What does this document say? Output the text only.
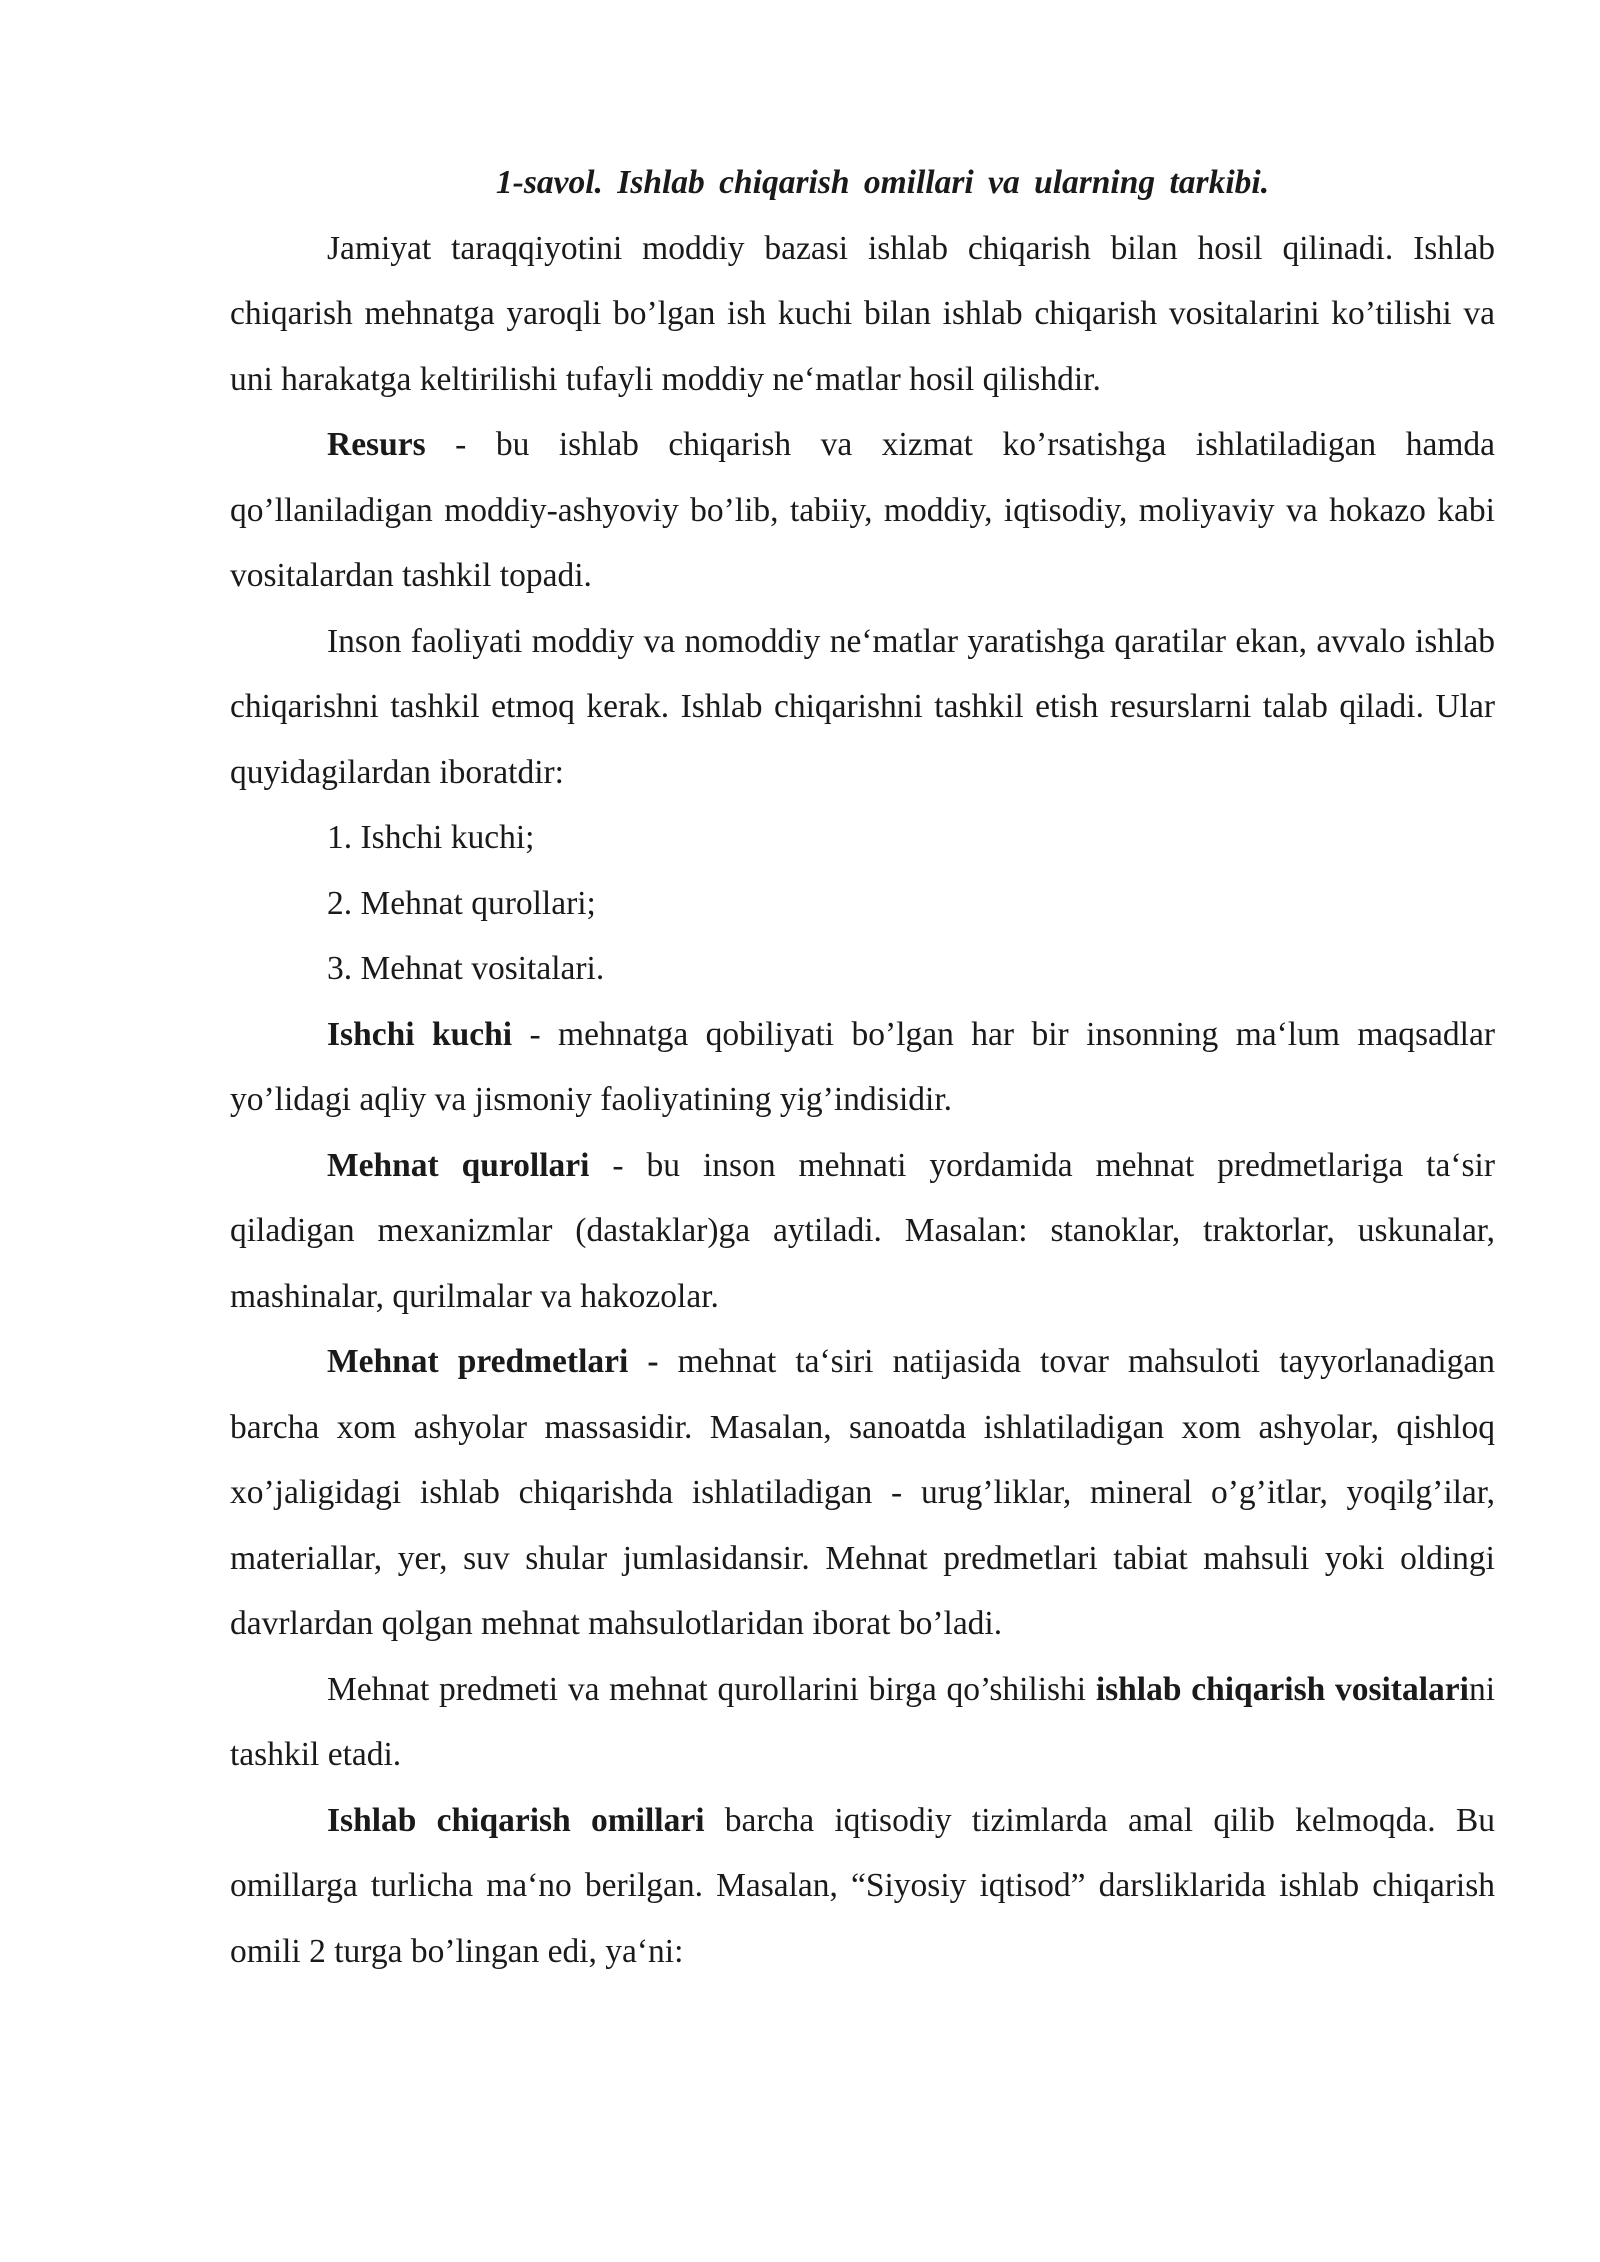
1-savol. Ishlab chiqarish omillari va ularning tarkibi.

Jamiyat taraqqiyotini moddiy bazasi ishlab chiqarish bilan hosil qilinadi. Ishlab chiqarish mehnatga yaroqli bo’lgan ish kuchi bilan ishlab chiqarish vositalarini ko’tilishi va uni harakatga keltirilishi tufayli moddiy ne‘matlar hosil qilishdir.

Resurs - bu ishlab chiqarish va xizmat ko’rsatishga ishlatiladigan hamda qo’llaniladigan moddiy-ashyoviy bo’lib, tabiiy, moddiy, iqtisodiy, moliyaviy va hokazo kabi vositalardan tashkil topadi.

Inson faoliyati moddiy va nomoddiy ne‘matlar yaratishga qaratilar ekan, avvalo ishlab chiqarishni tashkil etmoq kerak. Ishlab chiqarishni tashkil etish resurslarni talab qiladi. Ular quyidagilardan iboratdir:

1. Ishchi kuchi;

2. Mehnat qurollari;

3. Mehnat vositalari.

Ishchi kuchi - mehnatga qobiliyati bo’lgan har bir insonning ma‘lum maqsadlar yo’lidagi aqliy va jismoniy faoliyatining yig’indisidir.

Mehnat qurollari - bu inson mehnati yordamida mehnat predmetlariga ta‘sir qiladigan mexanizmlar (dastaklar)ga aytiladi. Masalan: stanoklar, traktorlar, uskunalar, mashinalar, qurilmalar va hakozolar.

Mehnat predmetlari - mehnat ta‘siri natijasida tovar mahsuloti tayyorlanadigan barcha xom ashyolar massasidir. Masalan, sanoatda ishlatiladigan xom ashyolar, qishloq xo’jaligidagi ishlab chiqarishda ishlatiladigan - urug’liklar, mineral o’g’itlar, yoqilg’ilar, materiallar, yer, suv shular jumlasidansir. Mehnat predmetlari tabiat mahsuli yoki oldingi davrlardan qolgan mehnat mahsulotlaridan iborat bo’ladi.

Mehnat predmeti va mehnat qurollarini birga qo’shilishi ishlab chiqarish vositalarini tashkil etadi.

Ishlab chiqarish omillari barcha iqtisodiy tizimlarda amal qilib kelmoqda. Bu omillarga turlicha ma‘no berilgan. Masalan, “Siyosiy iqtisod” darsliklarida ishlab chiqarish omili 2 turga bo’lingan edi, ya‘ni:
